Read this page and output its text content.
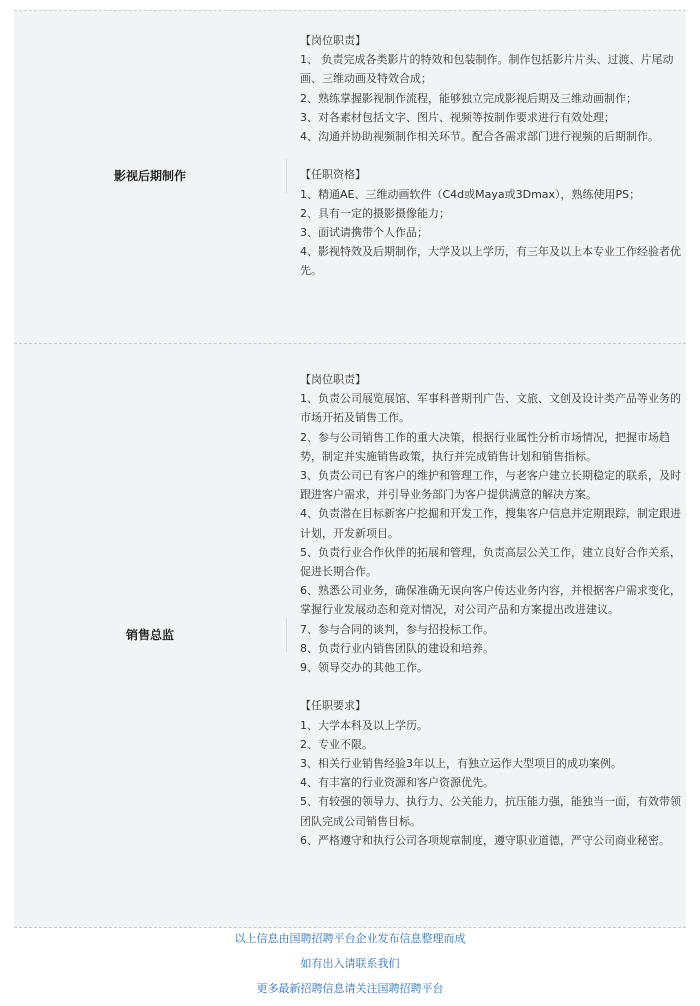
影视后期制作

【岗位职责】

1、 负责完成各类影片的特效和包装制作。制作包括影片片头、过渡、片尾动画、三维动画及特效合成；

2、熟练掌握影视制作流程，能够独立完成影视后期及三维动画制作；

3、对各素材包括文字、图片、视频等按制作要求进行有效处理；

4、沟通并协助视频制作相关环节。配合各需求部门进行视频的后期制作。

【任职资格】

1、精通AE、三维动画软件（C4d或Maya或3Dmax），熟练使用PS；

2、具有一定的摄影摄像能力；

3、面试请携带个人作品；

4、影视特效及后期制作，大学及以上学历，有三年及以上本专业工作经验者优先。

销售总监

【岗位职责】

1、负责公司展览展馆、军事科普期刊广告、文旅、文创及设计类产品等业务的市场开拓及销售工作。

2、参与公司销售工作的重大决策，根据行业属性分析市场情况，把握市场趋势，制定并实施销售政策，执行并完成销售计划和销售指标。

3、负责公司已有客户的维护和管理工作，与老客户建立长期稳定的联系，及时跟进客户需求，并引导业务部门为客户提供满意的解决方案。

4、负责潜在目标新客户挖掘和开发工作，搜集客户信息并定期跟踪，制定跟进计划，开发新项目。

5、负责行业合作伙伴的拓展和管理，负责高层公关工作，建立良好合作关系，促进长期合作。

6、熟悉公司业务，确保准确无误向客户传达业务内容，并根据客户需求变化，掌握行业发展动态和竞对情况，对公司产品和方案提出改进建议。

7、参与合同的谈判，参与招投标工作。

8、负责行业内销售团队的建设和培养。

9、领导交办的其他工作。

【任职要求】

1、大学本科及以上学历。

2、专业不限。

3、相关行业销售经验3年以上，有独立运作大型项目的成功案例。

4、有丰富的行业资源和客户资源优先。

5、有较强的领导力、执行力、公关能力，抗压能力强，能独当一面，有效带领团队完成公司销售目标。

6、严格遵守和执行公司各项规章制度，遵守职业道德，严守公司商业秘密。

以上信息由国聘招聘平台企业发布信息整理而成
如有出入请联系我们
更多最新招聘信息请关注国聘招聘平台
